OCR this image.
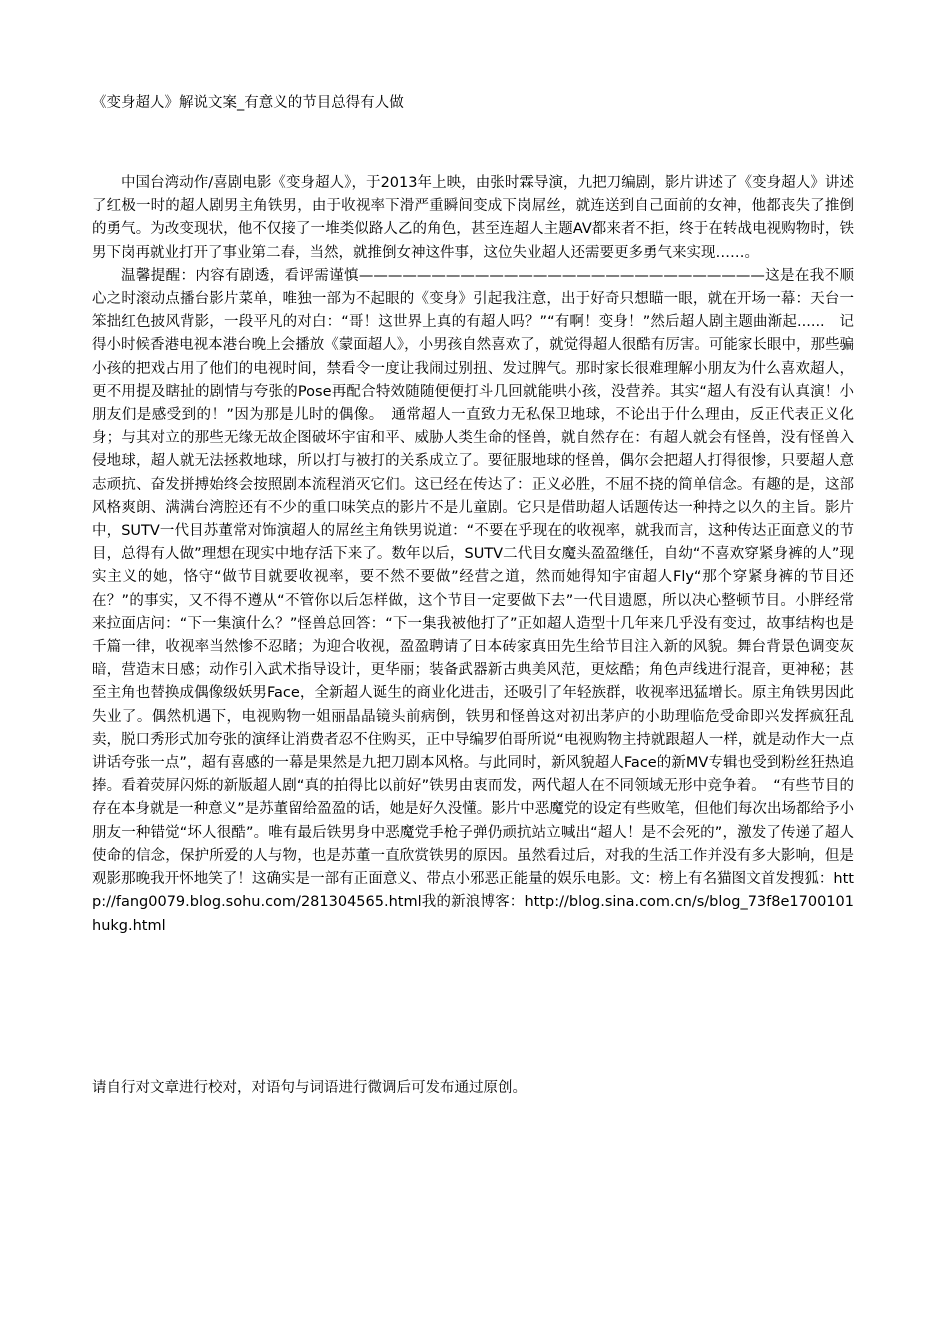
《变身超人》解说文案_有意义的节目总得有人做

中国台湾动作/喜剧电影《变身超人》，于2013年上映，由张时霖导演，九把刀编剧，影片讲述了《变身超人》讲述了红极一时的超人剧男主角铁男，由于收视率下滑严重瞬间变成下岗屌丝，就连送到自己面前的女神，他都丧失了推倒的勇气。为改变现状，他不仅接了一堆类似路人乙的角色，甚至连超人主题AV都来者不拒，终于在转战电视购物时，铁男下岗再就业打开了事业第二春，当然，就推倒女神这件事，这位失业超人还需要更多勇气来实现……。

温馨提醒：内容有剧透，看评需谨慎————————————————————————————这是在我不顺心之时滚动点播台影片菜单，唯独一部为不起眼的《变身》引起我注意，出于好奇只想瞄一眼，就在开场一幕：天台一笨拙红色披风背影，一段平凡的对白：“哥！这世界上真的有超人吗？”“有啊！变身！”然后超人剧主题曲渐起......　记得小时候香港电视本港台晚上会播放《蒙面超人》，小男孩自然喜欢了，就觉得超人很酷有厉害。可能家长眼中，那些骗小孩的把戏占用了他们的电视时间，禁看令一度让我闹过别扭、发过脾气。那时家长很难理解小朋友为什么喜欢超人，更不用提及瞎扯的剧情与夸张的Pose再配合特效随随便便打斗几回就能哄小孩，没营养。其实“超人有没有认真演！小朋友们是感受到的！”因为那是儿时的偶像。　通常超人一直致力无私保卫地球，不论出于什么理由，反正代表正义化身；与其对立的那些无缘无故企图破坏宇宙和平、威胁人类生命的怪兽，就自然存在：有超人就会有怪兽，没有怪兽入侵地球，超人就无法拯救地球，所以打与被打的关系成立了。要征服地球的怪兽，偶尔会把超人打得很惨，只要超人意志顽抗、奋发拼搏始终会按照剧本流程消灭它们。这已经在传达了：正义必胜，不屈不挠的简单信念。有趣的是，这部风格爽朗、满满台湾腔还有不少的重口味笑点的影片不是儿童剧。它只是借助超人话题传达一种持之以久的主旨。影片中，SUTV一代目苏董常对饰演超人的屌丝主角铁男说道：“不要在乎现在的收视率，就我而言，这种传达正面意义的节目，总得有人做”理想在现实中地存活下来了。数年以后，SUTV二代目女魔头盈盈继任，自幼“不喜欢穿紧身裤的人”现实主义的她，恪守“做节目就要收视率，要不然不要做”经营之道，然而她得知宇宙超人Fly“那个穿紧身裤的节目还在？”的事实，又不得不遵从“不管你以后怎样做，这个节目一定要做下去”一代目遗愿，所以决心整顿节目。小胖经常来拉面店问：“下一集演什么？”怪兽总回答：“下一集我被他打了”正如超人造型十几年来几乎没有变过，故事结构也是千篇一律，收视率当然惨不忍睹；为迎合收视，盈盈聘请了日本砖家真田先生给节目注入新的风貌。舞台背景色调变灰暗，营造末日感；动作引入武术指导设计，更华丽；装备武器新古典美风范，更炫酷；角色声线进行混音，更神秘；甚至主角也替换成偶像级妖男Face，全新超人诞生的商业化进击，还吸引了年轻族群，收视率迅猛增长。原主角铁男因此失业了。偶然机遇下，电视购物一姐丽晶晶镜头前病倒，铁男和怪兽这对初出茅庐的小助理临危受命即兴发挥疯狂乱卖，脱口秀形式加夸张的演绎让消费者忍不住购买，正中导编罗伯哥所说“电视购物主持就跟超人一样，就是动作大一点讲话夸张一点”，超有喜感的一幕是果然是九把刀剧本风格。与此同时，新风貌超人Face的新MV专辑也受到粉丝狂热追捧。看着荧屏闪烁的新版超人剧“真的拍得比以前好”铁男由衷而发，两代超人在不同领域无形中竞争着。　“有些节目的存在本身就是一种意义”是苏董留给盈盈的话，她是好久没懂。影片中恶魔党的设定有些败笔，但他们每次出场都给予小朋友一种错觉“坏人很酷”。唯有最后铁男身中恶魔党手枪子弹仍顽抗站立喊出“超人！是不会死的”，激发了传递了超人使命的信念，保护所爱的人与物，也是苏董一直欣赏铁男的原因。虽然看过后，对我的生活工作并没有多大影响，但是观影那晚我开怀地笑了！这确实是一部有正面意义、带点小邪恶正能量的娱乐电影。文：榜上有名猫图文首发搜狐：http://fang0079.blog.sohu.com/281304565.html我的新浪博客：http://blog.sina.com.cn/s/blog_73f8e1700101hukg.html

请自行对文章进行校对，对语句与词语进行微调后可发布通过原创。
